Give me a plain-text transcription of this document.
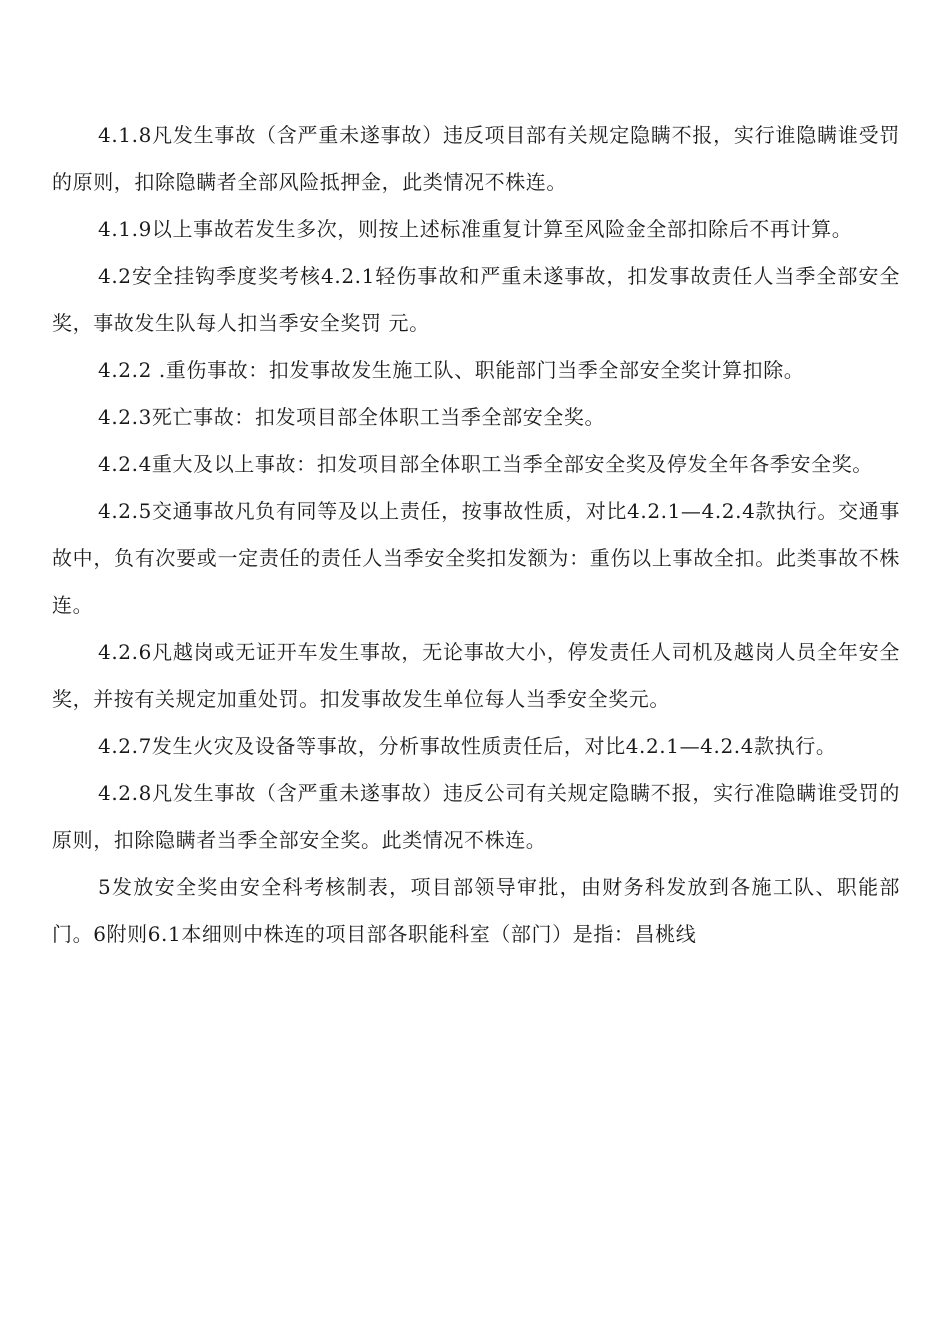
4.1.8凡发生事故（含严重未遂事故）违反项目部有关规定隐瞒不报，实行谁隐瞒谁受罚的原则，扣除隐瞒者全部风险抵押金，此类情况不株连。

4.1.9以上事故若发生多次，则按上述标准重复计算至风险金全部扣除后不再计算。

4.2安全挂钩季度奖考核4.2.1轻伤事故和严重未遂事故，扣发事故责任人当季全部安全奖，事故发生队每人扣当季安全奖罚 元。

4.2.2 .重伤事故：扣发事故发生施工队、职能部门当季全部安全奖计算扣除。

4.2.3死亡事故：扣发项目部全体职工当季全部安全奖。

4.2.4重大及以上事故：扣发项目部全体职工当季全部安全奖及停发全年各季安全奖。

4.2.5交通事故凡负有同等及以上责任，按事故性质，对比4.2.1—4.2.4款执行。交通事故中，负有次要或一定责任的责任人当季安全奖扣发额为：重伤以上事故全扣。此类事故不株连。

4.2.6凡越岗或无证开车发生事故，无论事故大小，停发责任人司机及越岗人员全年安全奖，并按有关规定加重处罚。扣发事故发生单位每人当季安全奖元。

4.2.7发生火灾及设备等事故，分析事故性质责任后，对比4.2.1—4.2.4款执行。

4.2.8凡发生事故（含严重未遂事故）违反公司有关规定隐瞒不报，实行准隐瞒谁受罚的原则，扣除隐瞒者当季全部安全奖。此类情况不株连。

5发放安全奖由安全科考核制表，项目部领导审批，由财务科发放到各施工队、职能部门。6附则6.1本细则中株连的项目部各职能科室（部门）是指：昌桃线
